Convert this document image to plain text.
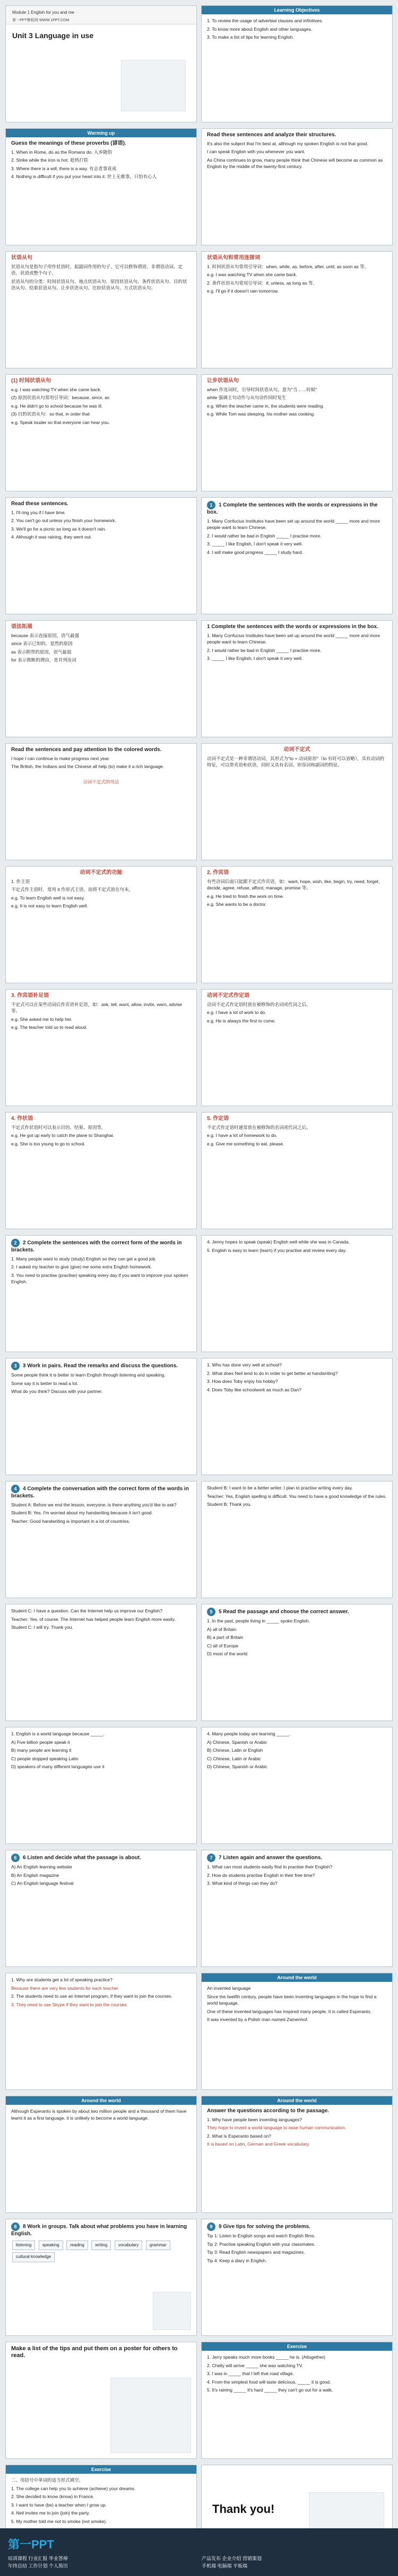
Module 1 English for you and me
第一PPT模板网-WWW.1PPT.COM
Unit 3 Language in use
Learning Objectives

1. To review the usage of adverbial clauses and infinitives.

2. To know more about English and other languages.

3. To make a list of tips for learning English.

Warming up

Guess the meanings of these proverbs (谚语).

1. When in Rome, do as the Romans do. 入乡随俗

2. Strike while the iron is hot. 趁热打铁

3. Where there is a will, there is a way. 有志者事竟成

4. Nothing is difficult if you put your heart into it. 世上无难事，只怕有心人

Read these sentences and analyze their structures.

It's also the subject that I'm best at, although my spoken English is not that good.

I can speak English with you whenever you want.

As China continues to grow, many people think that Chinese will become as common as English by the middle of the twenty-first century.

状语从句

状语从句是指句子用作状语时，起副词作用的句子。它可以修饰谓语、非谓语动词、定语、状语或整个句子。

状语从句的分类：时间状语从句、地点状语从句、原因状语从句、条件状语从句、目的状语从句、结果状语从句、让步状语从句、比较状语从句、方式状语从句。

状语从句和常用连接词

1. 时间状语从句常用引导词：when, while, as, before, after, until, as soon as 等。

e.g. I was watching TV when she came back.

2. 条件状语从句常用引导词：if, unless, as long as 等。

e.g. I'll go if it doesn't rain tomorrow.

(1) 时间状语从句

e.g. I was watching TV when she came back.

(2) 原因状语从句常用引导词：because, since, as

e.g. He didn't go to school because he was ill.

(3) 目的状语从句：so that, in order that

e.g. Speak louder so that everyone can hear you.

让步状语从句

when 作连词时，引导时间状语从句，意为"当……时候"

while 强调主句动作与从句动作同时发生

e.g. When the teacher came in, the students were reading.

e.g. While Tom was sleeping, his mother was cooking.

Read these sentences.

1. I'll ring you if I have time.

2. You can't go out unless you finish your homework.

3. We'll go for a picnic as long as it doesn't rain.

4. Although it was raining, they went out.

1 1 Complete the sentences with the words or expressions in the box.

1. Many Confucius Institutes have been set up around the world _____ more and more people want to learn Chinese.

2. I would rather be bad in English _____ I practise more.

3. _____ I like English, I don't speak it very well.

4. I will make good progress _____ I study hard.

语法拓展

because 表示直接原因，语气最强

since 表示已知的、显然的原因

as 表示附带的原因，语气最弱

for 表示推断的理由，是并列连词

1 Complete the sentences with the words or expressions in the box.

1. Many Confucius Institutes have been set up around the world _____ more and more people want to learn Chinese.

2. I would rather be bad in English _____ I practise more.

3. _____ I like English, I don't speak it very well.

Read the sentences and pay attention to the colored words.

I hope I can continue to make progress next year.

The British, the Indians and the Chinese all help (to) make it a rich language.

动词不定式的用法

动词不定式

动词不定式是一种非谓语动词，其形式为"to + 动词原形"（to 有时可以省略），具有动词的特征，可以带宾语和状语，同时又具有名词、形容词和副词的特征。

动词不定式的功能

1. 作主语

不定式作主语时，常用 it 作形式主语，而将不定式放在句末。

e.g. To learn English well is not easy.

e.g. It is not easy to learn English well.

2. 作宾语

有些动词后面只能跟不定式作宾语，如：want, hope, wish, like, begin, try, need, forget, decide, agree, refuse, afford, manage, promise 等。

e.g. He tried to finish the work on time.

e.g. She wants to be a doctor.

3. 作宾语补足语

不定式可以在某些动词后作宾语补足语，如：ask, tell, want, allow, invite, warn, advise 等。

e.g. She asked me to help her.

e.g. The teacher told us to read aloud.

动词不定式作定语

动词不定式作定语时放在被修饰的名词或代词之后。

e.g. I have a lot of work to do.

e.g. He is always the first to come.

4. 作状语

不定式作状语时可以表示目的、结果、原因等。

e.g. He got up early to catch the plane to Shanghai.

e.g. She is too young to go to school.

5. 作定语

不定式作定语时通常放在被修饰的名词或代词之后。

e.g. I have a lot of homework to do.

e.g. Give me something to eat, please.

2 2 Complete the sentences with the correct form of the words in brackets.

1. Many people want to study (study) English so they can get a good job.

2. I asked my teacher to give (give) me some extra English homework.

3. You need to practise (practise) speaking every day if you want to improve your spoken English.

4. Jenny hopes to speak (speak) English well while she was in Canada.

5. English is easy to learn (learn) if you practise and review every day.

3 3 Work in pairs. Read the remarks and discuss the questions.

Some people think it is better to learn English through listening and speaking.

Some say it is better to read a lot.

What do you think? Discuss with your partner.

1. Who has done very well at school?

2. What does Neil tend to do in order to get better at handwriting?

3. How does Toby enjoy his hobby?

4. Does Toby like schoolwork as much as Dan?

4 4 Complete the conversation with the correct form of the words in brackets.

Student A: Before we end the lesson, everyone, is there anything you'd like to ask?

Student B: Yes. I'm worried about my handwriting because it isn't good.

Teacher: Good handwriting is important in a lot of countries.

Student B: I want to be a better writer. I plan to practise writing every day.

Teacher: Yes, English spelling is difficult. You need to have a good knowledge of the rules.

Student B: Thank you.

Student C: I have a question. Can the Internet help us improve our English?

Teacher: Yes, of course. The Internet has helped people learn English more easily.

Student C: I will try. Thank you.

5 5 Read the passage and choose the correct answer.

1. In the past, people living in _____ spoke English.

A) all of Britain

B) a part of Britain

C) all of Europe

D) most of the world

1. English is a world language because _____.

A) Five billion people speak it

B) many people are learning it

C) people stopped speaking Latin

D) speakers of many different languages use it

4. Many people today are learning _____.

A) Chinese, Spanish or Arabic

B) Chinese, Latin or English

C) Chinese, Latin or Arabic

D) Chinese, Spanish or Arabic

6 6 Listen and decide what the passage is about.

A) An English learning website

B) An English magazine

C) An English language festival

7 7 Listen again and answer the questions.

1. What can most students easily find to practise their English?

2. How do students practise English in their free time?

3. What kind of things can they do?

1. Why are students get a lot of speaking practice?

Because there are very few students for each teacher.

2. The students need to use an Internet program, if they want to join the courses.

3. They need to use Skype if they want to join the courses.

Around the world

An invented language

Since the twelfth century, people have been inventing languages in the hope to find a world language.

One of these invented languages has inspired many people. It is called Esperanto.

It was invented by a Polish man named Zamenhof.

Around the world

Although Esperanto is spoken by about two million people and a thousand of them have learnt it as a first language, it is unlikely to become a world language.

Around the world

Answer the questions according to the passage.

1. Why have people been inventing languages?

They hope to invent a world language to ease human communication.

2. What is Esperanto based on?

It is based on Latin, German and Greek vocabulary.

8 8 Work in groups. Talk about what problems you have in learning English.

listening	speaking	reading	writing	vocabulary	grammar cultural knowledge

9 9 Give tips for solving the problems.

Tip 1: Listen to English songs and watch English films.

Tip 2: Practise speaking English with your classmates.

Tip 3: Read English newspapers and magazines.

Tip 4: Keep a diary in English.

Make a list of the tips and put them on a poster for others to read.

Exercise

1. Jerry speaks much more books _____ he is. (Altogether)

2. Chelly will arrive _____ she was watching TV.

3. I was in _____ that I left that road village.

4. From the simplest food will taste delicious, _____ it is good.

5. It's raining _____ it's hard _____ they can't go out for a walk.

Exercise

二、用括号中单词的适当形式填空。

1. The college can help you to achieve (achieve) your dreams.

2. She decided to know (know) in France.

3. I want to have (be) a teacher when I grow up.

4. Neil invites me to join (join) the party.

5. My mother told me not to smoke (not smoke).

Thank you!
第一PPT
培训课程 行业汇报 毕业答辩
年终总结 工作计划 个人简历
产品发布 企业介绍 营销策划
手机端 电脑端 平板端
